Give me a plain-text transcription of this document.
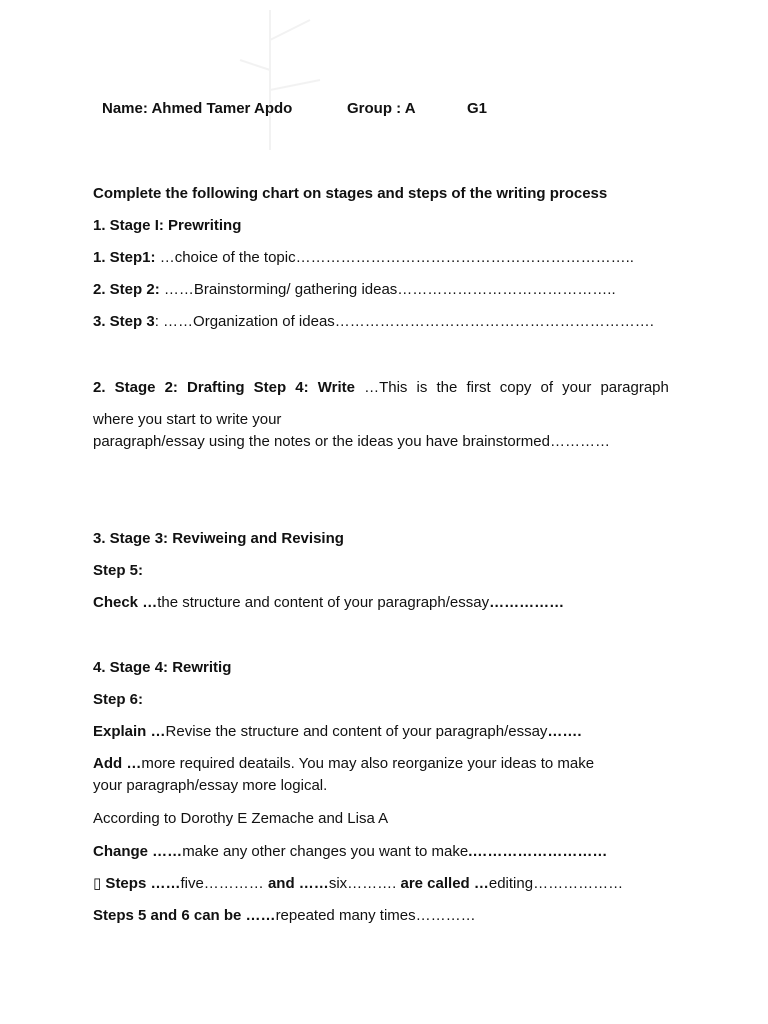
Name: Ahmed Tamer Apdo	Group : A	G1
Complete the following chart on stages and steps of the writing process
1. Stage I: Prewriting
1. Step1: …choice of the topic…………………………………………………………..
2. Step 2: ……Brainstorming/ gathering ideas……………………………………..
3. Step 3: ……Organization of ideas……………………………………………………….
2. Stage 2: Drafting Step 4: Write …This is the first copy of your paragraph
where you start to write your
paragraph/essay using the notes or the ideas you have brainstormed…………
3. Stage 3: Reviweing and Revising
Step 5:
Check …the structure and content of your paragraph/essay……………
4. Stage 4: Rewritig
Step 6:
Explain …Revise the structure and content of your paragraph/essay…….
Add …more required deatails. You may also reorganize your ideas to make
your paragraph/essay more logical.
According to Dorothy E Zemache and Lisa A
Change ……make any other changes you want to make.………………………
▯ Steps ……five………… and ……six………. are called …editing………………
Steps 5 and 6 can be ……repeated many times…………
